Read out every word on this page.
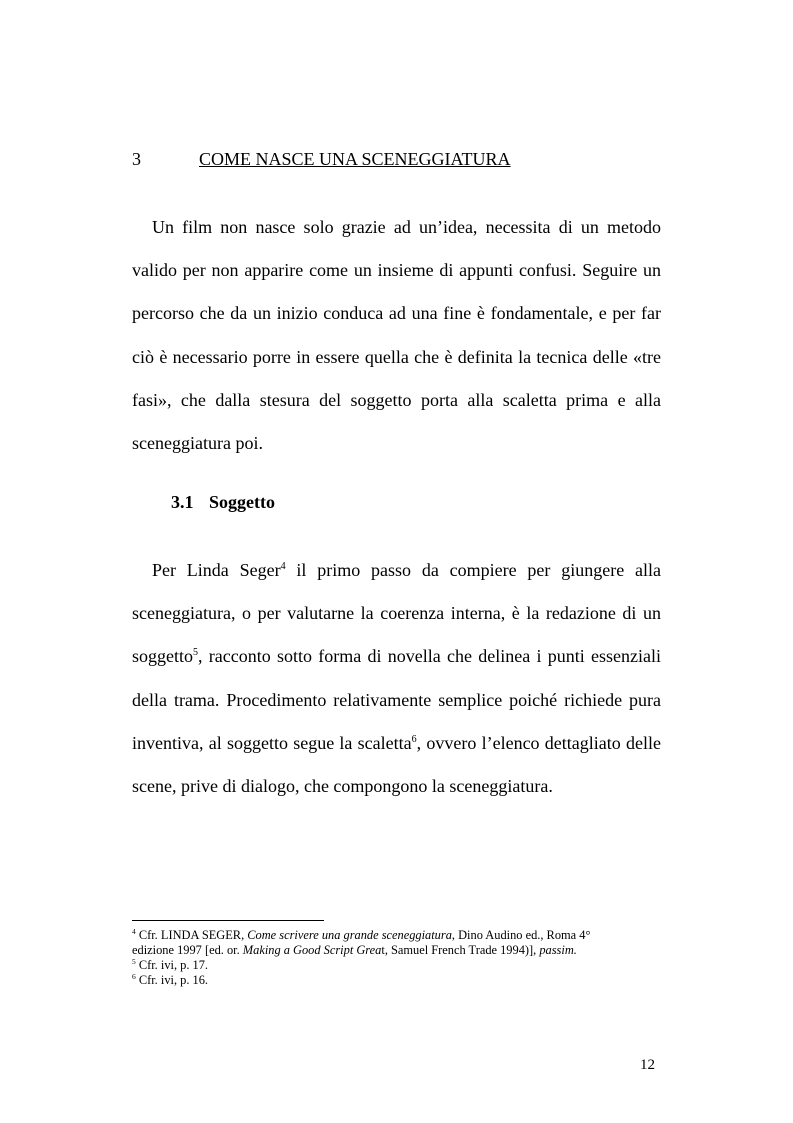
3	COME NASCE UNA SCENEGGIATURA

Un film non nasce solo grazie ad un’idea, necessita di un metodo valido per non apparire come un insieme di appunti confusi. Seguire un percorso che da un inizio conduca ad una fine è fondamentale, e per far ciò è necessario porre in essere quella che è definita la tecnica delle «tre fasi», che dalla stesura del soggetto porta alla scaletta prima e alla sceneggiatura poi.

3.1 Soggetto

Per Linda Seger$^4$ il primo passo da compiere per giungere alla sceneggiatura, o per valutarne la coerenza interna, è la redazione di un soggetto$^5$, racconto sotto forma di novella che delinea i punti essenziali della trama. Procedimento relativamente semplice poiché richiede pura inventiva, al soggetto segue la scaletta$^6$, ovvero l’elenco dettagliato delle scene, prive di dialogo, che compongono la sceneggiatura.

$^4$ Cfr. LINDA SEGER, Come scrivere una grande sceneggiatura, Dino Audino ed., Roma 4° edizione 1997 [ed. or. Making a Good Script Great, Samuel French Trade 1994)], passim.

$^5$ Cfr. ivi, p. 17.

$^6$ Cfr. ivi, p. 16.

12
